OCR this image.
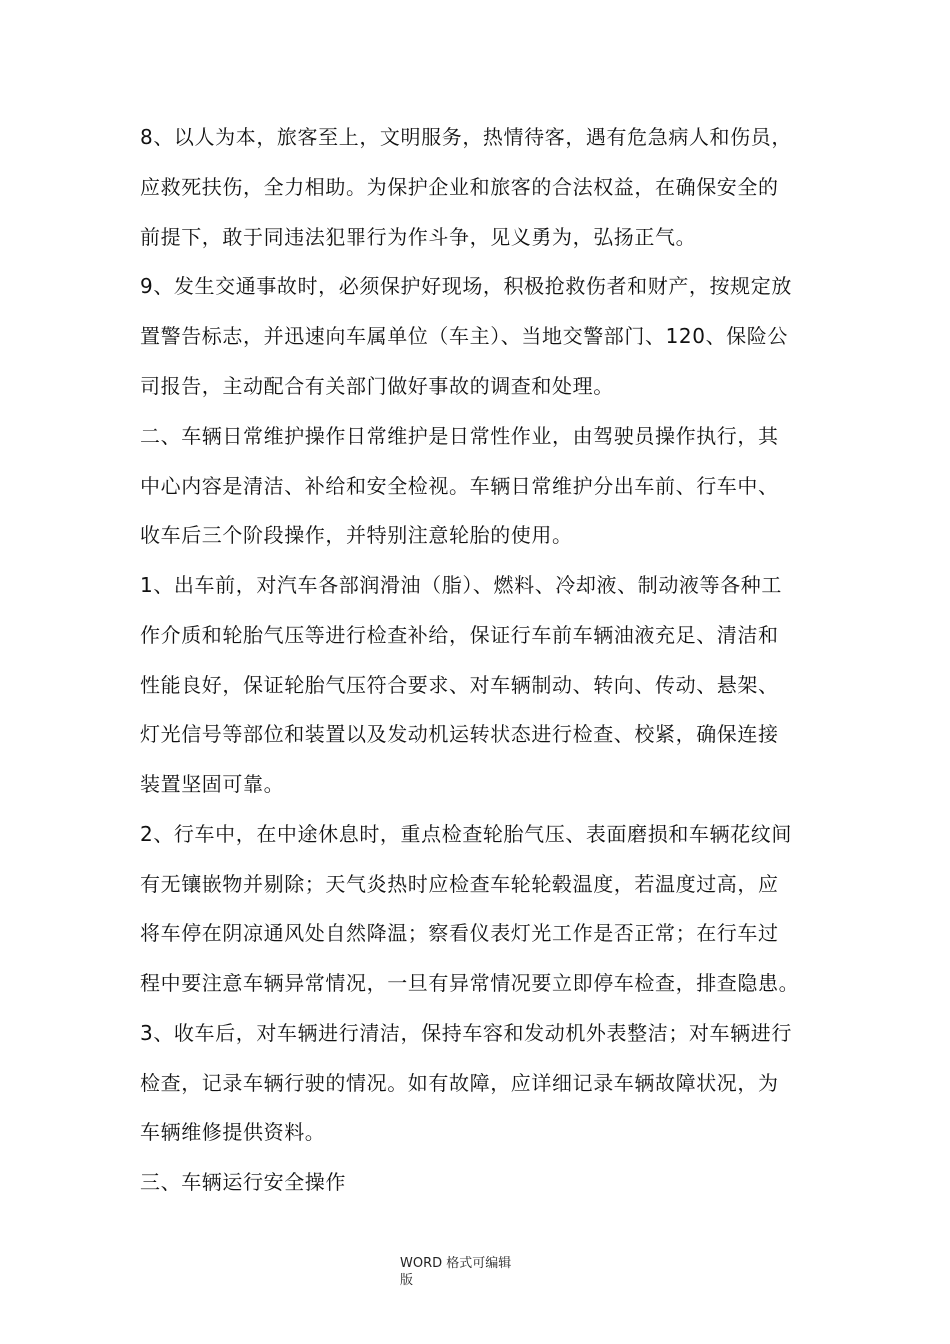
8、以人为本，旅客至上，文明服务，热情待客，遇有危急病人和伤员，
应救死扶伤，全力相助。为保护企业和旅客的合法权益，在确保安全的
前提下，敢于同违法犯罪行为作斗争，见义勇为，弘扬正气。
9、发生交通事故时，必须保护好现场，积极抢救伤者和财产，按规定放
置警告标志，并迅速向车属单位（车主）、当地交警部门、120、保险公
司报告，主动配合有关部门做好事故的调查和处理。
二、车辆日常维护操作日常维护是日常性作业，由驾驶员操作执行，其
中心内容是清洁、补给和安全检视。车辆日常维护分出车前、行车中、
收车后三个阶段操作，并特别注意轮胎的使用。
1、出车前，对汽车各部润滑油（脂）、燃料、冷却液、制动液等各种工
作介质和轮胎气压等进行检查补给，保证行车前车辆油液充足、清洁和
性能良好，保证轮胎气压符合要求、对车辆制动、转向、传动、悬架、
灯光信号等部位和装置以及发动机运转状态进行检查、校紧，确保连接
装置坚固可靠。
2、行车中，在中途休息时，重点检查轮胎气压、表面磨损和车辆花纹间
有无镶嵌物并剔除；天气炎热时应检查车轮轮毂温度，若温度过高，应
将车停在阴凉通风处自然降温；察看仪表灯光工作是否正常；在行车过
程中要注意车辆异常情况，一旦有异常情况要立即停车检查，排查隐患。
3、收车后，对车辆进行清洁，保持车容和发动机外表整洁；对车辆进行
检查，记录车辆行驶的情况。如有故障，应详细记录车辆故障状况，为
车辆维修提供资料。
三、车辆运行安全操作
WORD 格式可编辑
版
